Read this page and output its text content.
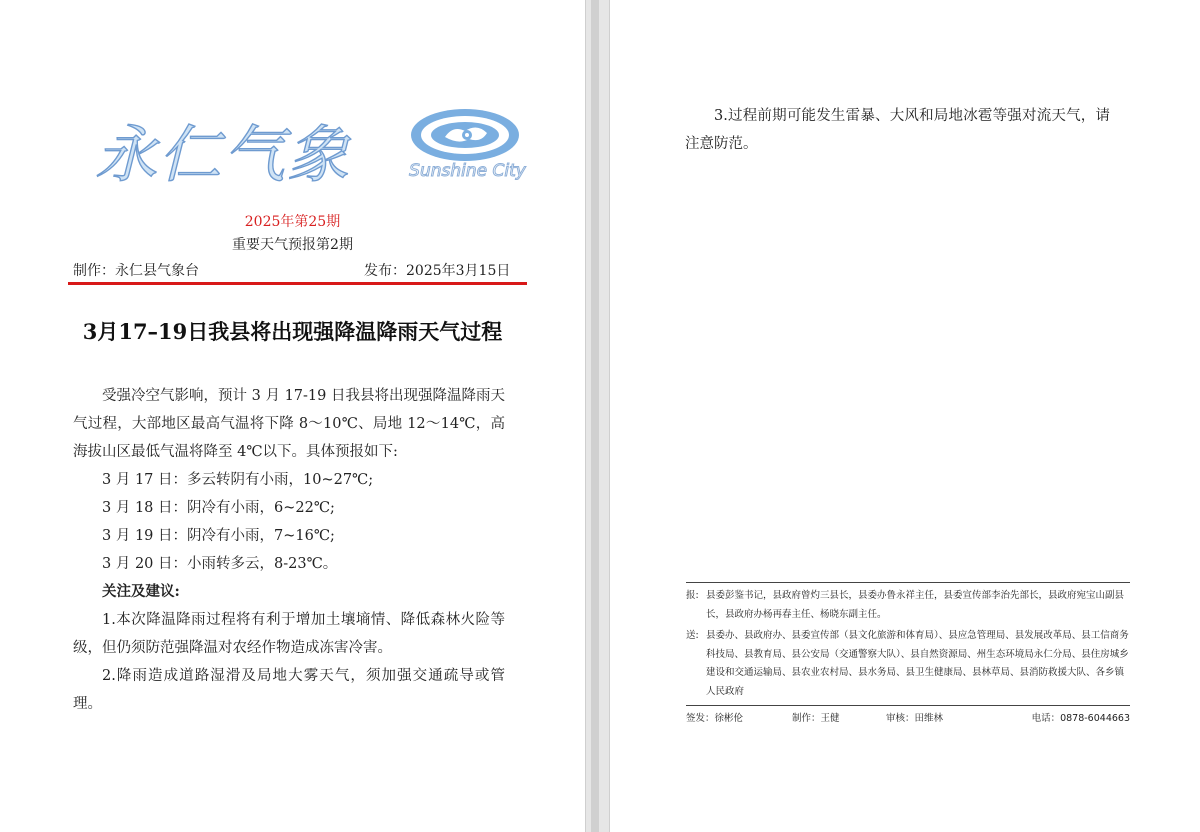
永仁气象	Sunshine City
2025年第25期
重要天气预报第2期
制作：永仁县气象台	发布：2025年3月15日
3月17–19日我县将出现强降温降雨天气过程

受强冷空气影响，预计 3 月 17-19 日我县将出现强降温降雨天气过程，大部地区最高气温将下降 8～10℃、局地 12～14℃，高海拔山区最低气温将降至 4℃以下。具体预报如下:

3 月 17 日：多云转阴有小雨，10~27℃;

3 月 18 日：阴冷有小雨，6~22℃;

3 月 19 日：阴冷有小雨，7~16℃;

3 月 20 日：小雨转多云，8-23℃。

关注及建议:

1.本次降温降雨过程将有利于增加土壤墒情、降低森林火险等级，但仍须防范强降温对农经作物造成冻害冷害。

2.降雨造成道路湿滑及局地大雾天气，须加强交通疏导或管理。

3.过程前期可能发生雷暴、大风和局地冰雹等强对流天气，请注意防范。

报: 县委彭鉴书记，县政府曾灼三县长，县委办鲁永祥主任，县委宣传部李治先部长，县政府宛宝山副县长，县政府办杨再春主任、杨晓东副主任。
送: 县委办、县政府办、县委宣传部（县文化旅游和体育局）、县应急管理局、县发展改革局、县工信商务科技局、县教育局、县公安局（交通警察大队）、县自然资源局、州生态环境局永仁分局、县住房城乡建设和交通运输局、县农业农村局、县水务局、县卫生健康局、县林草局、县消防救援大队、各乡镇人民政府
签发：徐彬伦	制作：王健	审核：田维林	电话：0878-6044663
